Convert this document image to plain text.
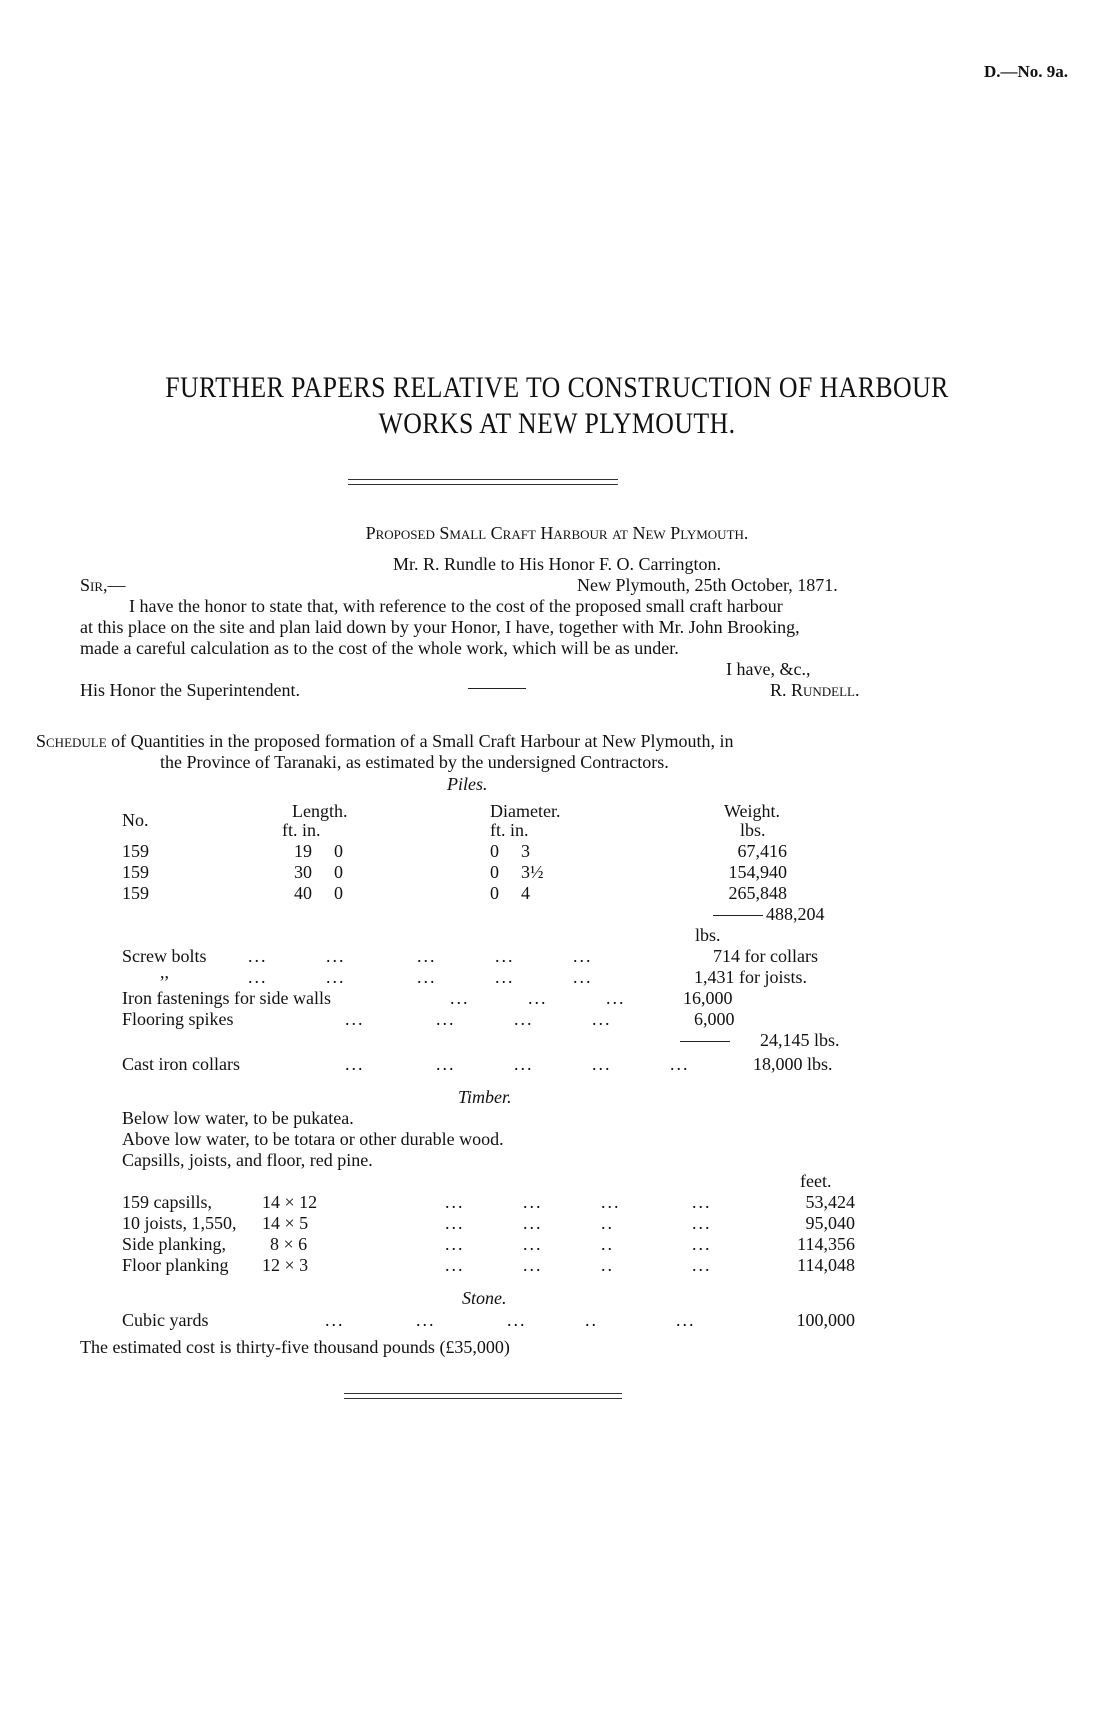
D.—No. 9a.
FURTHER PAPERS RELATIVE TO CONSTRUCTION OF HARBOUR
WORKS AT NEW PLYMOUTH.
Proposed Small Craft Harbour at New Plymouth.
Mr. R. Rundle to His Honor F. O. Carrington.
Sir,—	New Plymouth, 25th October, 1871.
I have the honor to state that, with reference to the cost of the proposed small craft harbour
at this place on the site and plan laid down by your Honor, I have, together with Mr. John Brooking,
made a careful calculation as to the cost of the whole work, which will be as under.
I have, &c.,
His Honor the Superintendent.	R. Rundell.
Schedule of Quantities in the proposed formation of a Small Craft Harbour at New Plymouth, in
the Province of Taranaki, as estimated by the undersigned Contractors.
Piles.
No.	Length.
ft. in.
Diameter.
ft. in.
Weight.
lbs.
159	19 0	0 3	67,416
159	30 0	0 3½	154,940
159	40 0	0 4	265,848
488,204
lbs.
Screw bolts ...         ...           ...         ...         ...	714 for collars
,,	...         ...           ...         ...         ...	1,431 for joists.
Iron fastenings for side walls	...         ...         ...	16,000
Flooring spikes	...           ...         ...         ...	6,000
24,145 lbs.
Cast iron collars	...           ...         ...         ...         ...	18,000 lbs.
Timber.
Below low water, to be pukatea.
Above low water, to be totara or other durable wood.
Capsills, joists, and floor, red pine.
feet.
159 capsills,	14 × 12	...         ...         ...           ...	53,424
10 joists, 1,550, 14 × 5	...         ...         ..            ...	95,040
Side planking, 8 × 6	...         ...         ..            ...	114,356
Floor planking 12 × 3	...         ...         ..            ...	114,048
Stone.
Cubic yards	...           ...           ...         ..            ...	100,000
The estimated cost is thirty-five thousand pounds (£35,000)
